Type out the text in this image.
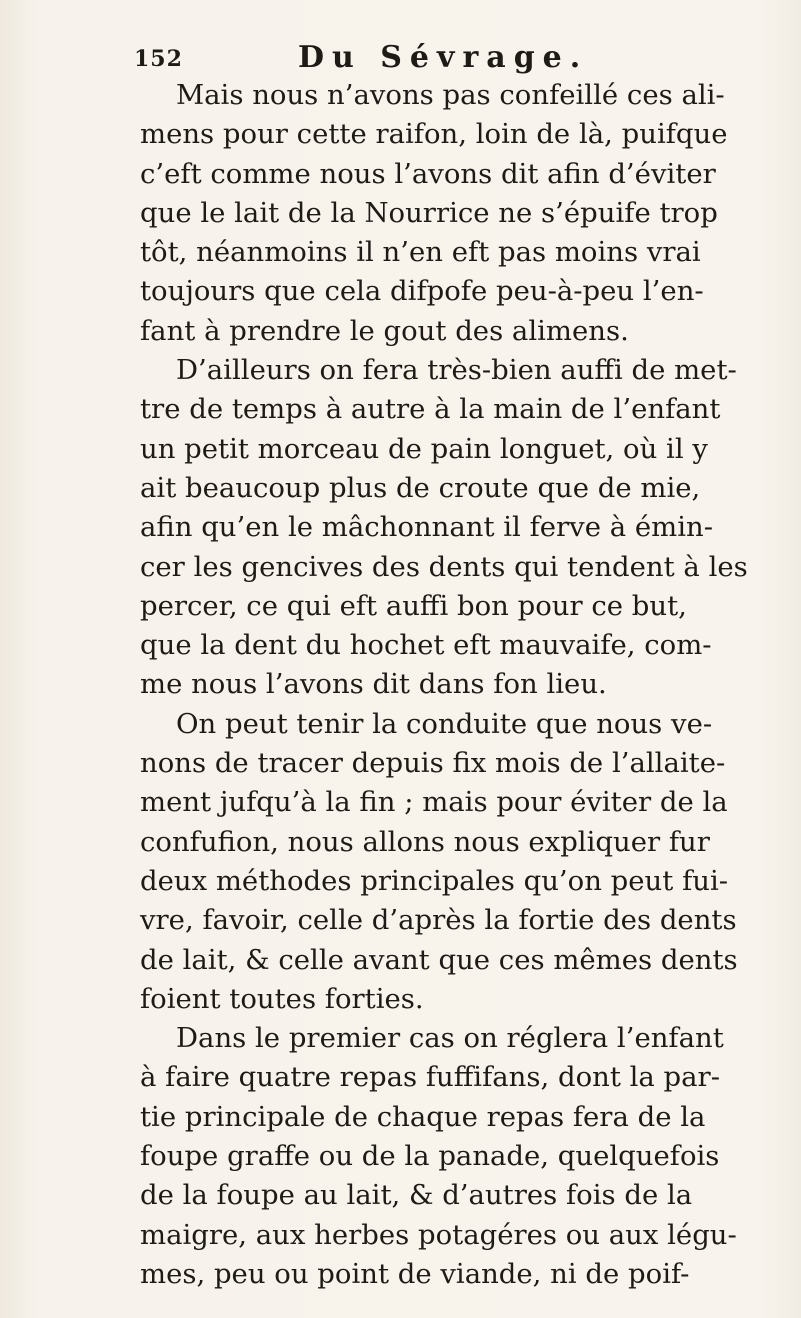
152	Du Sévrage.
Mais nous n’avons pas confeillé ces ali-
mens pour cette raifon, loin de là, puifque
c’eft comme nous l’avons dit afin d’éviter
que le lait de la Nourrice ne s’épuife trop
tôt, néanmoins il n’en eft pas moins vrai
toujours que cela difpofe peu-à-peu l’en-
fant à prendre le gout des alimens.
D’ailleurs on fera très-bien auffi de met-
tre de temps à autre à la main de l’enfant
un petit morceau de pain longuet, où il y
ait beaucoup plus de croute que de mie,
afin qu’en le mâchonnant il ferve à émin-
cer les gencives des dents qui tendent à les
percer, ce qui eft auffi bon pour ce but,
que la dent du hochet eft mauvaife, com-
me nous l’avons dit dans fon lieu.
On peut tenir la conduite que nous ve-
nons de tracer depuis fix mois de l’allaite-
ment jufqu’à la fin ; mais pour éviter de la
confufion, nous allons nous expliquer fur
deux méthodes principales qu’on peut fui-
vre, favoir, celle d’après la fortie des dents
de lait, & celle avant que ces mêmes dents
foient toutes forties.
Dans le premier cas on réglera l’enfant
à faire quatre repas fuffifans, dont la par-
tie principale de chaque repas fera de la
foupe graffe ou de la panade, quelquefois
de la foupe au lait, & d’autres fois de la
maigre, aux herbes potagéres ou aux légu-
mes, peu ou point de viande, ni de poif-
